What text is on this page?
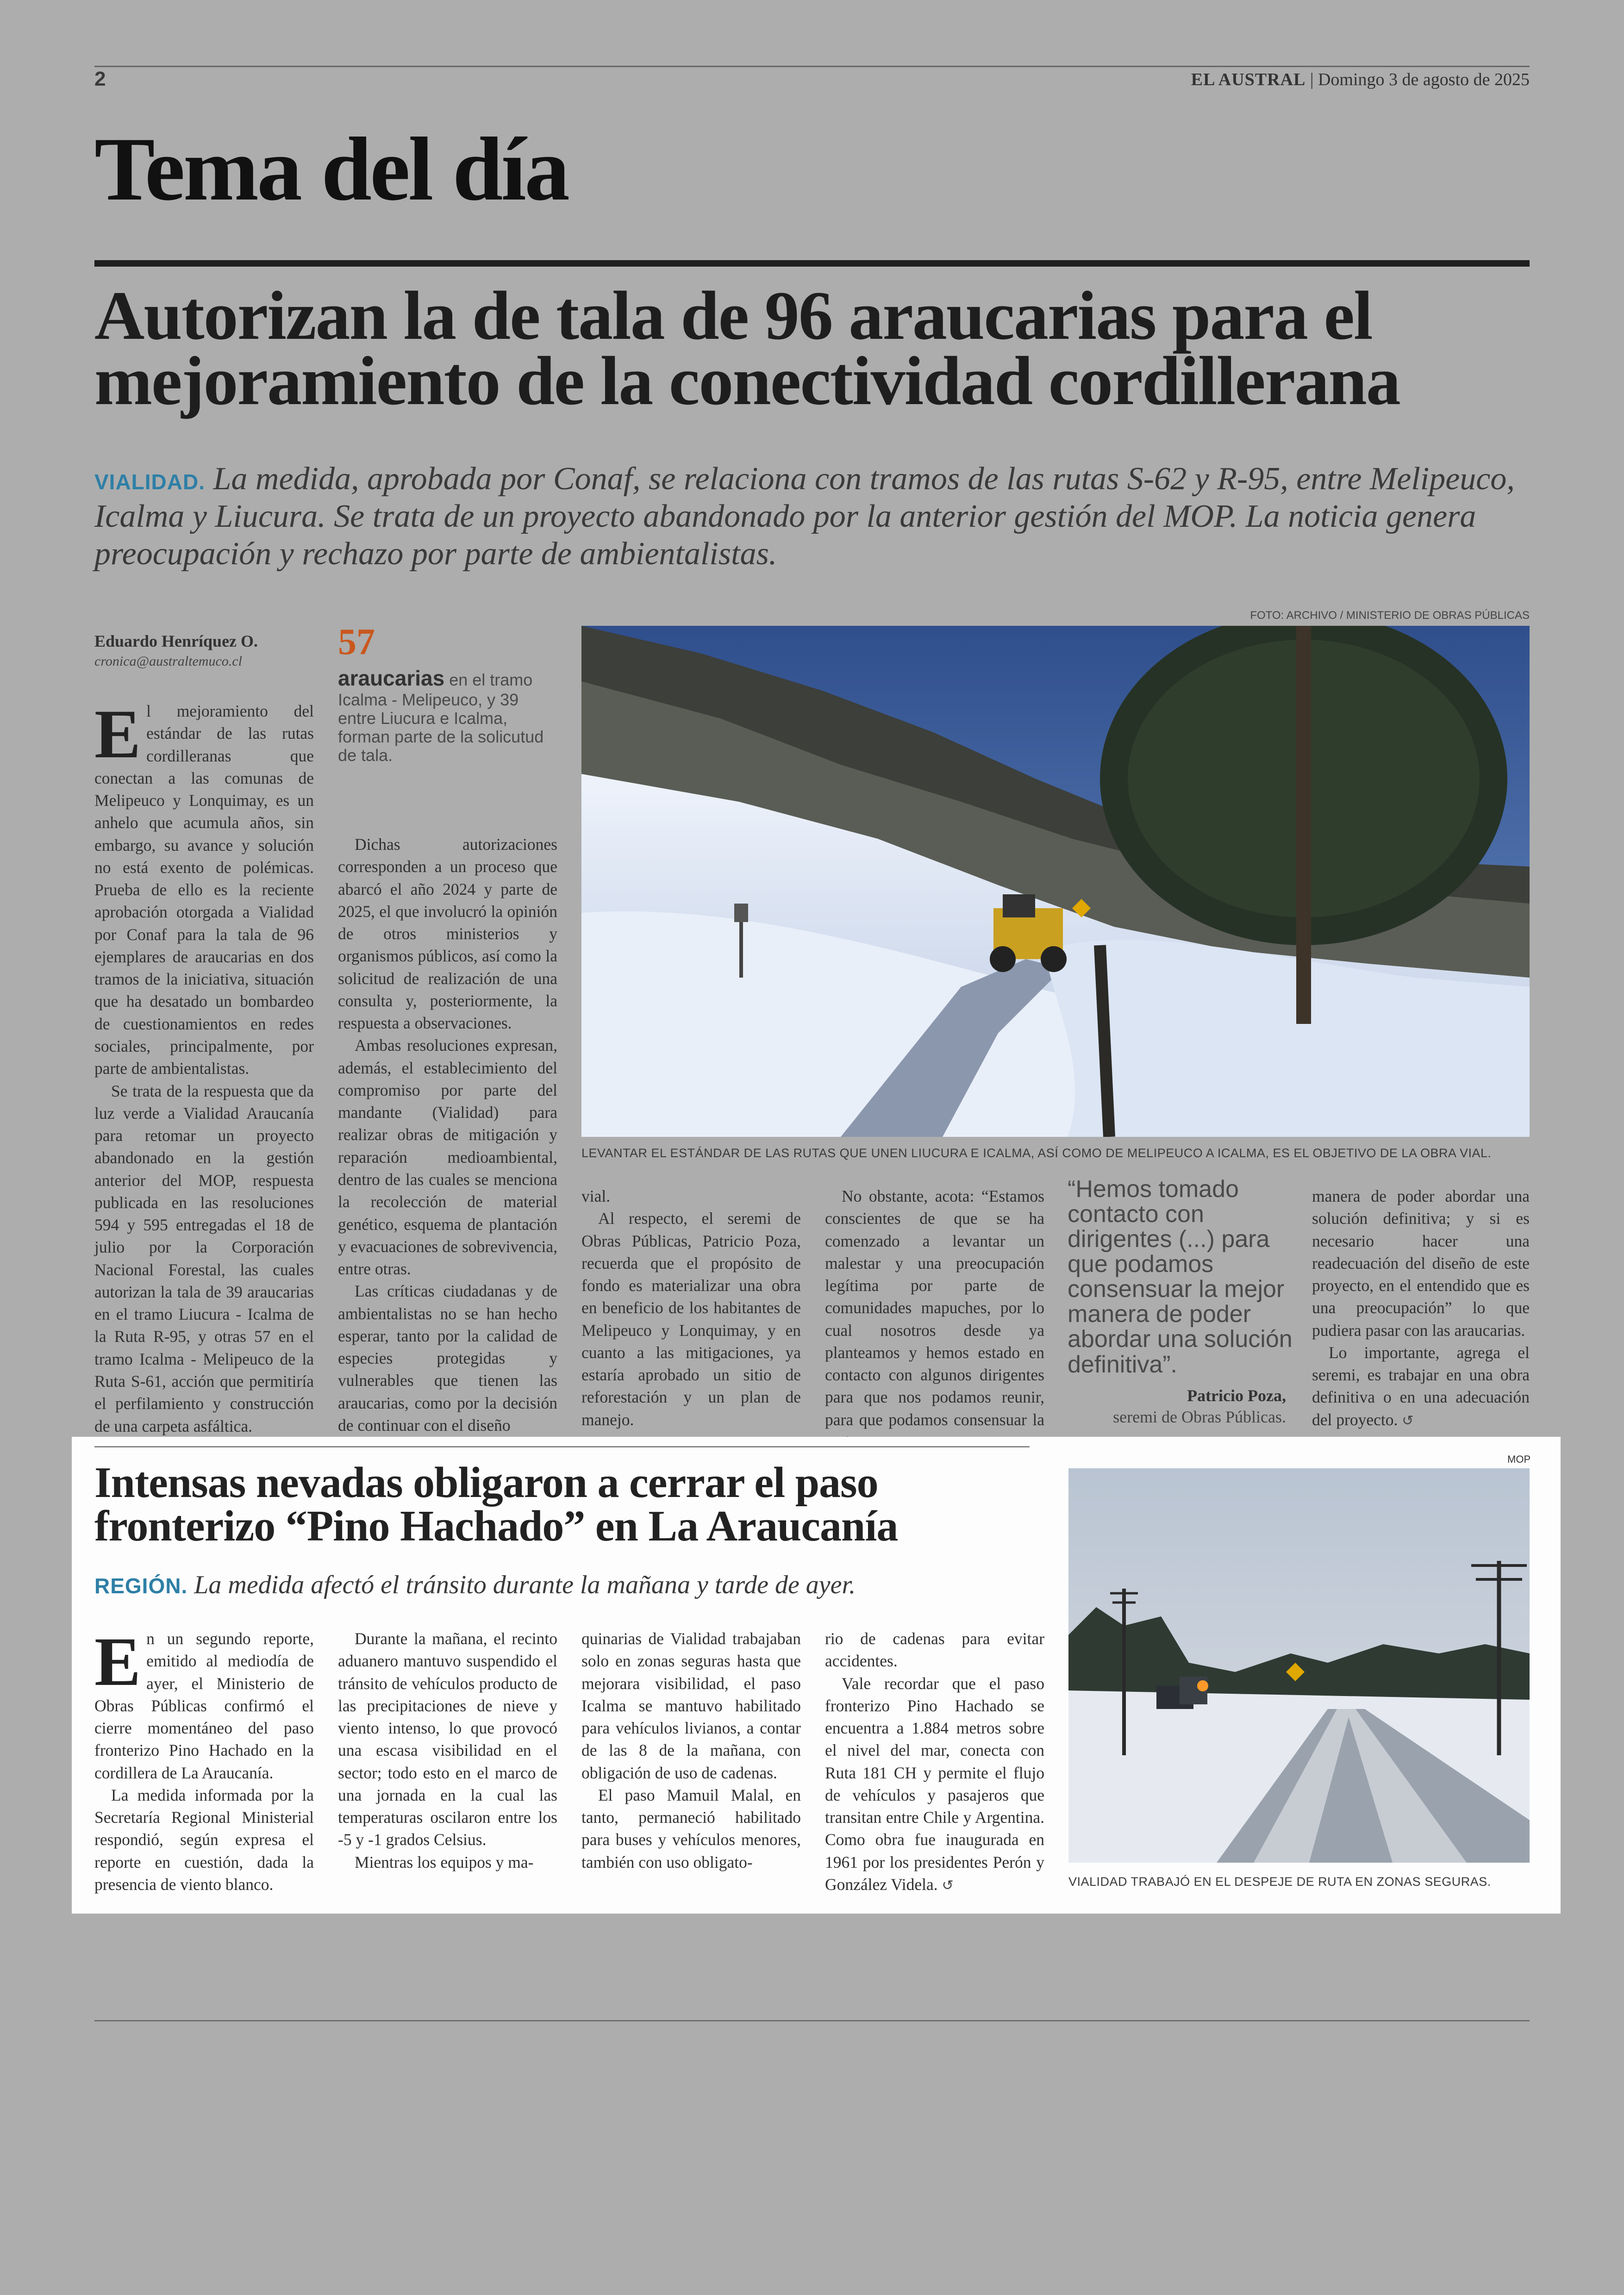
2	EL AUSTRAL | Domingo 3 de agosto de 2025
Tema del día
Autorizan la de tala de 96 araucarias para el mejoramiento de la conectividad cordillerana
VIALIDAD. La medida, aprobada por Conaf, se relaciona con tramos de las rutas S-62 y R-95, entre Melipeuco, Icalma y Liucura. Se trata de un proyecto abandonado por la anterior gestión del MOP. La noticia genera preocupación y rechazo por parte de ambientalistas.
FOTO: ARCHIVO / MINISTERIO DE OBRAS PÚBLICAS
Eduardo Henríquez O.
cronica@australtemuco.cl	57
araucarias en el tramo Icalma - Melipeuco, y 39 entre Liucura e Icalma, forman parte de la solicutud de tala.
LEVANTAR EL ESTÁNDAR DE LAS RUTAS QUE UNEN LIUCURA E ICALMA, ASÍ COMO DE MELIPEUCO A ICALMA, ES EL OBJETIVO DE LA OBRA VIAL.

El mejoramiento del estándar de las rutas cordilleranas que conectan a las comunas de Melipeuco y Lonquimay, es un anhelo que acumula años, sin embargo, su avance y solución no está exento de polémicas. Prueba de ello es la reciente aprobación otorgada a Vialidad por Conaf para la tala de 96 ejemplares de araucarias en dos tramos de la iniciativa, situación que ha desatado un bombardeo de cuestionamientos en redes sociales, principalmente, por parte de ambientalistas.

Se trata de la respuesta que da luz verde a Vialidad Araucanía para retomar un proyecto abandonado en la gestión anterior del MOP, respuesta publicada en las resoluciones 594 y 595 entregadas el 18 de julio por la Corporación Nacional Forestal, las cuales autorizan la tala de 39 araucarias en el tramo Liucura - Icalma de la Ruta R-95, y otras 57 en el tramo Icalma - Melipeuco de la Ruta S-61, acción que permitiría el perfilamiento y construcción de una carpeta asfáltica.

Dichas autorizaciones corresponden a un proceso que abarcó el año 2024 y parte de 2025, el que involucró la opinión de otros ministerios y organismos públicos, así como la solicitud de realización de una consulta y, posteriormente, la respuesta a observaciones.

Ambas resoluciones expresan, además, el establecimiento del compromiso por parte del mandante (Vialidad) para realizar obras de mitigación y reparación medioambiental, dentro de las cuales se menciona la recolección de material genético, esquema de plantación y evacuaciones de sobrevivencia, entre otras.

Las críticas ciudadanas y de ambientalistas no se han hecho esperar, tanto por la calidad de especies protegidas y vulnerables que tienen las araucarias, como por la decisión de continuar con el diseño

vial.

Al respecto, el seremi de Obras Públicas, Patricio Poza, recuerda que el propósito de fondo es materializar una obra en beneficio de los habitantes de Melipeuco y Lonquimay, y en cuanto a las mitigaciones, ya estaría aprobado un sitio de reforestación y un plan de manejo.

No obstante, acota: “Estamos conscientes de que se ha comenzado a levantar un malestar y una preocupación legítima por parte de comunidades mapuches, por lo cual nosotros desde ya planteamos y hemos estado en contacto con algunos dirigentes para que nos podamos reunir, para que podamos consensuar la

“Hemos tomado contacto con dirigentes (...) para que podamos consensuar la mejor manera de poder abordar una solución definitiva”.
Patricio Poza,
seremi de Obras Públicas.

manera de poder abordar una solución definitiva; y si es necesario hacer una readecuación del diseño de este proyecto, en el entendido que es una preocupación” lo que pudiera pasar con las araucarias.

Lo importante, agrega el seremi, es trabajar en una obra definitiva o en una adecuación del proyecto. ↺

Intensas nevadas obligaron a cerrar el paso fronterizo “Pino Hachado” en La Araucanía
REGIÓN. La medida afectó el tránsito durante la mañana y tarde de ayer.
MOP
VIALIDAD TRABAJÓ EN EL DESPEJE DE RUTA EN ZONAS SEGURAS.

En un segundo reporte, emitido al mediodía de ayer, el Ministerio de Obras Públicas confirmó el cierre momentáneo del paso fronterizo Pino Hachado en la cordillera de La Araucanía.

La medida informada por la Secretaría Regional Ministerial respondió, según expresa el reporte en cuestión, dada la presencia de viento blanco.

Durante la mañana, el recinto aduanero mantuvo suspendido el tránsito de vehículos producto de las precipitaciones de nieve y viento intenso, lo que provocó una escasa visibilidad en el sector; todo esto en el marco de una jornada en la cual las temperaturas oscilaron entre los -5 y -1 grados Celsius.

Mientras los equipos y ma-

quinarias de Vialidad trabajaban solo en zonas seguras hasta que mejorara visibilidad, el paso Icalma se mantuvo habilitado para vehículos livianos, a contar de las 8 de la mañana, con obligación de uso de cadenas.

El paso Mamuil Malal, en tanto, permaneció habilitado para buses y vehículos menores, también con uso obligato-

rio de cadenas para evitar accidentes.

Vale recordar que el paso fronterizo Pino Hachado se encuentra a 1.884 metros sobre el nivel del mar, conecta con Ruta 181 CH y permite el flujo de vehículos y pasajeros que transitan entre Chile y Argentina. Como obra fue inaugurada en 1961 por los presidentes Perón y González Videla. ↺
